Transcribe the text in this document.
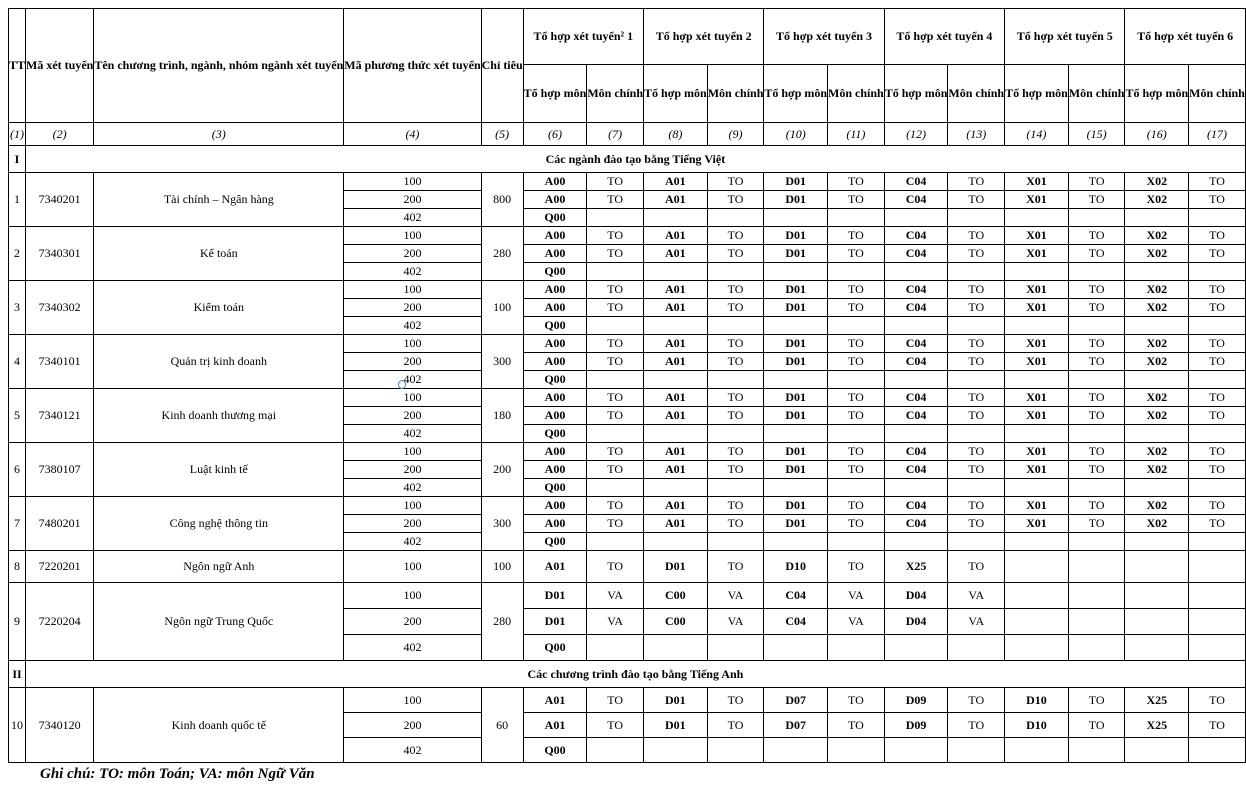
TT	Mã xét tuyển	Tên chương trình, ngành, nhóm ngành xét tuyển	Mã phương thức xét tuyển	Chỉ tiêu	Tổ hợp xét tuyển² 1		Tổ hợp xét tuyển 2		Tổ hợp xét tuyển 3		Tổ hợp xét tuyển 4		Tổ hợp xét tuyển 5		Tổ hợp xét tuyển 6	
					Tổ hợp môn	Môn chính	Tổ hợp môn	Môn chính	Tổ hợp môn	Môn chính	Tổ hợp môn	Môn chính	Tổ hợp môn	Môn chính	Tổ hợp môn	Môn chính
(1)	(2)	(3)	(4)	(5)	(6)	(7)	(8)	(9)	(10)	(11)	(12)	(13)	(14)	(15)	(16)	(17)
I	Các ngành đào tạo bằng Tiếng Việt															
1	7340201	Tài chính – Ngân hàng	100	800	A00	TO	A01	TO	D01	TO	C04	TO	X01	TO	X02	TO
			200		A00	TO	A01	TO	D01	TO	C04	TO	X01	TO	X02	TO
			402		Q00											
2	7340301	Kế toán	100	280	A00	TO	A01	TO	D01	TO	C04	TO	X01	TO	X02	TO
			200		A00	TO	A01	TO	D01	TO	C04	TO	X01	TO	X02	TO
			402		Q00											
3	7340302	Kiểm toán	100	100	A00	TO	A01	TO	D01	TO	C04	TO	X01	TO	X02	TO
			200		A00	TO	A01	TO	D01	TO	C04	TO	X01	TO	X02	TO
			402		Q00											
4	7340101	Quản trị kinh doanh	100	300	A00	TO	A01	TO	D01	TO	C04	TO	X01	TO	X02	TO
			200		A00	TO	A01	TO	D01	TO	C04	TO	X01	TO	X02	TO
			402		Q00											
5	7340121	Kinh doanh thương mại	100	180	A00	TO	A01	TO	D01	TO	C04	TO	X01	TO	X02	TO
			200		A00	TO	A01	TO	D01	TO	C04	TO	X01	TO	X02	TO
			402		Q00											
6	7380107	Luật kinh tế	100	200	A00	TO	A01	TO	D01	TO	C04	TO	X01	TO	X02	TO
			200		A00	TO	A01	TO	D01	TO	C04	TO	X01	TO	X02	TO
			402		Q00											
7	7480201	Công nghệ thông tin	100	300	A00	TO	A01	TO	D01	TO	C04	TO	X01	TO	X02	TO
			200		A00	TO	A01	TO	D01	TO	C04	TO	X01	TO	X02	TO
			402		Q00											
8	7220201	Ngôn ngữ Anh	100	100	A01	TO	D01	TO	D10	TO	X25	TO				
9	7220204	Ngôn ngữ Trung Quốc	100	280	D01	VA	C00	VA	C04	VA	D04	VA				
			200		D01	VA	C00	VA	C04	VA	D04	VA				
			402		Q00											
II	Các chương trình đào tạo bằng Tiếng Anh															
10	7340120	Kinh doanh quốc tế	100	60	A01	TO	D01	TO	D07	TO	D09	TO	D10	TO	X25	TO
			200		A01	TO	D01	TO	D07	TO	D09	TO	D10	TO	X25	TO
			402		Q00											
Ghi chú: TO: môn Toán; VA: môn Ngữ Văn
